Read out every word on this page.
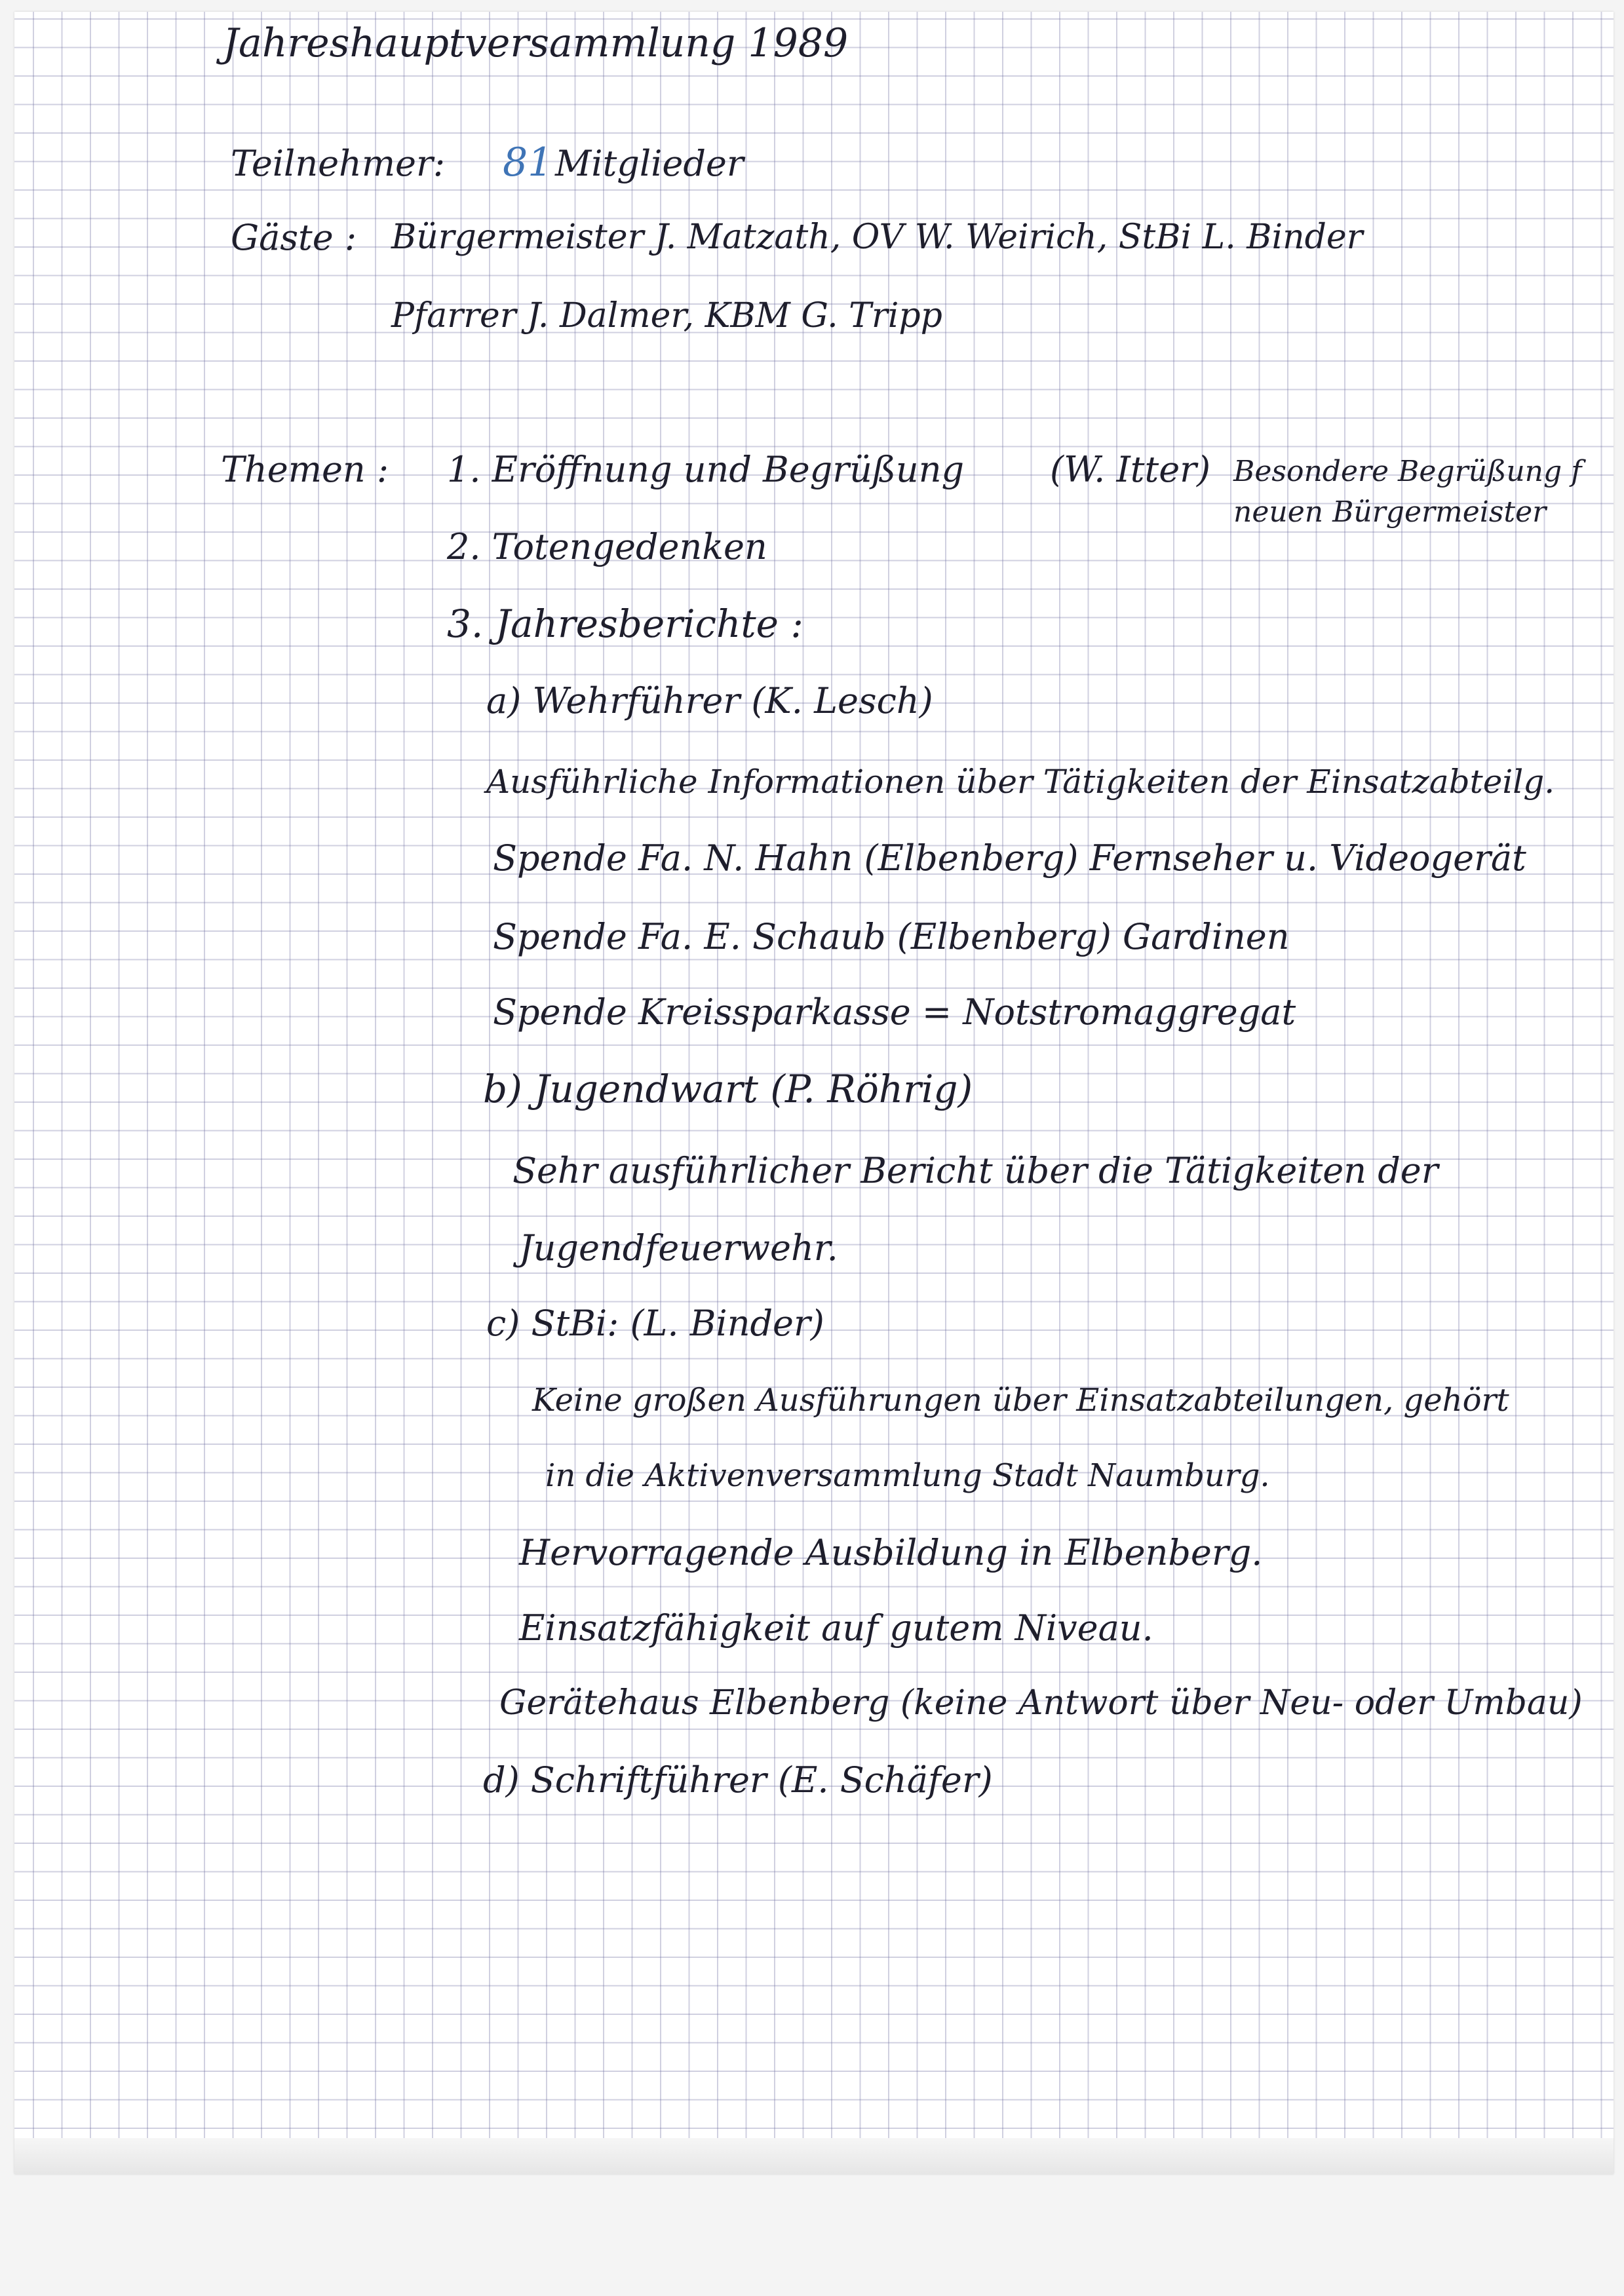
Jahreshauptversammlung 1989
Teilnehmer: 81 Mitglieder
Gäste : Bürgermeister J. Matzath, OV W. Weirich, StBi L. Binder
Pfarrer J. Dalmer, KBM G. Tripp
Themen : 1. Eröffnung und Begrüßung (W. Itter) Besondere Begrüßung f
neuen Bürgermeister
2. Totengedenken
3. Jahresberichte :
a) Wehrführer (K. Lesch)
Ausführliche Informationen über Tätigkeiten der Einsatzabteilg.
Spende Fa. N. Hahn (Elbenberg) Fernseher u. Videogerät
Spende Fa. E. Schaub (Elbenberg) Gardinen
Spende Kreissparkasse = Notstromaggregat
b) Jugendwart (P. Röhrig)
Sehr ausführlicher Bericht über die Tätigkeiten der
Jugendfeuerwehr.
c) StBi: (L. Binder)
Keine großen Ausführungen über Einsatzabteilungen, gehört
in die Aktivenversammlung Stadt Naumburg.
Hervorragende Ausbildung in Elbenberg.
Einsatzfähigkeit auf gutem Niveau.
Gerätehaus Elbenberg (keine Antwort über Neu- oder Umbau)
d) Schriftführer (E. Schäfer)
